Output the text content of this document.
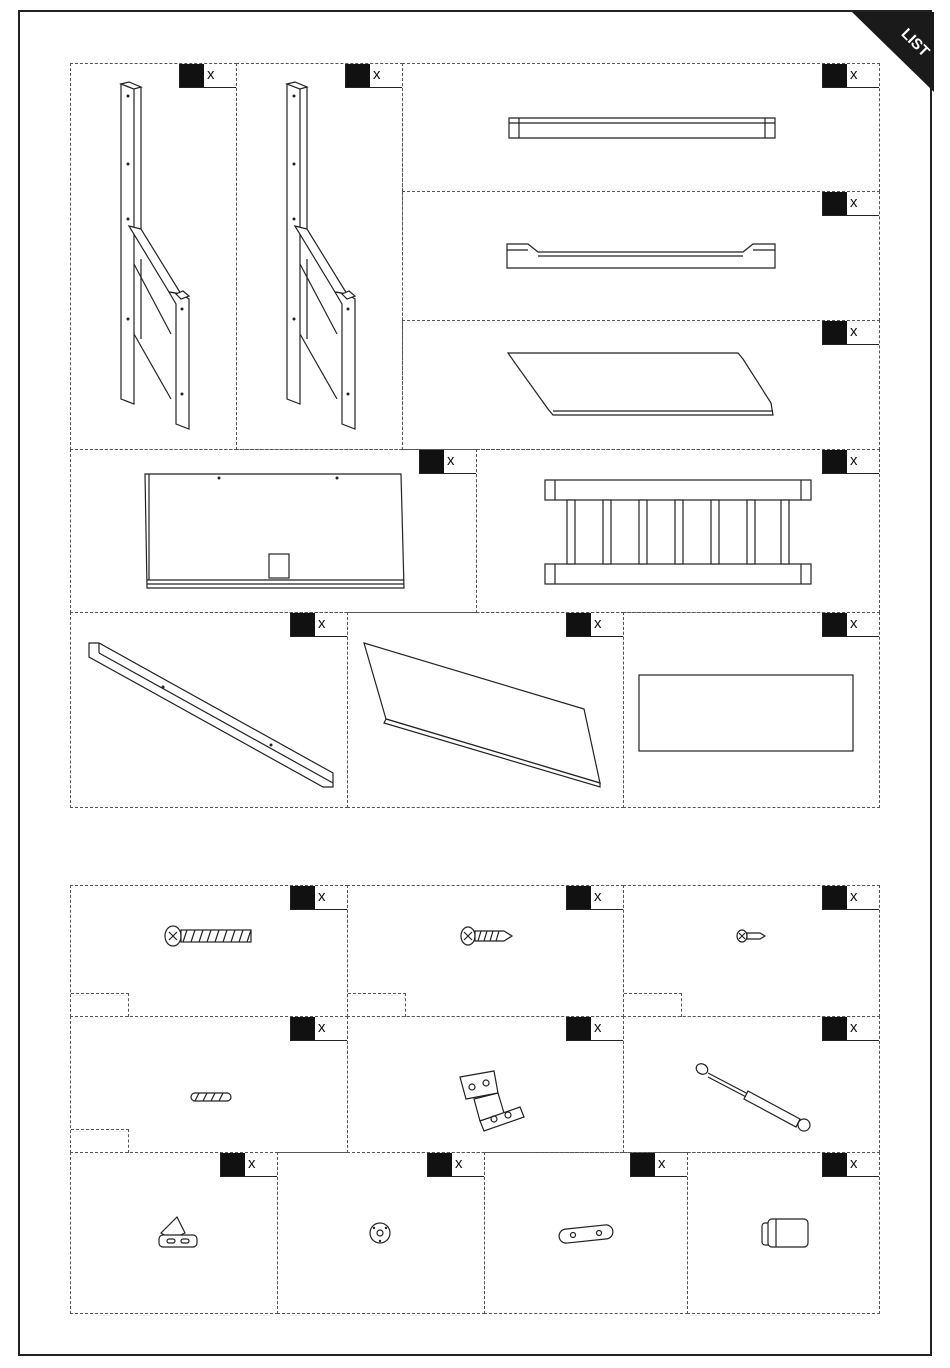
LIST
x	x	x
x
x
x	x
x	x	x
x	x	x
x	x	x
x	x	x	x
